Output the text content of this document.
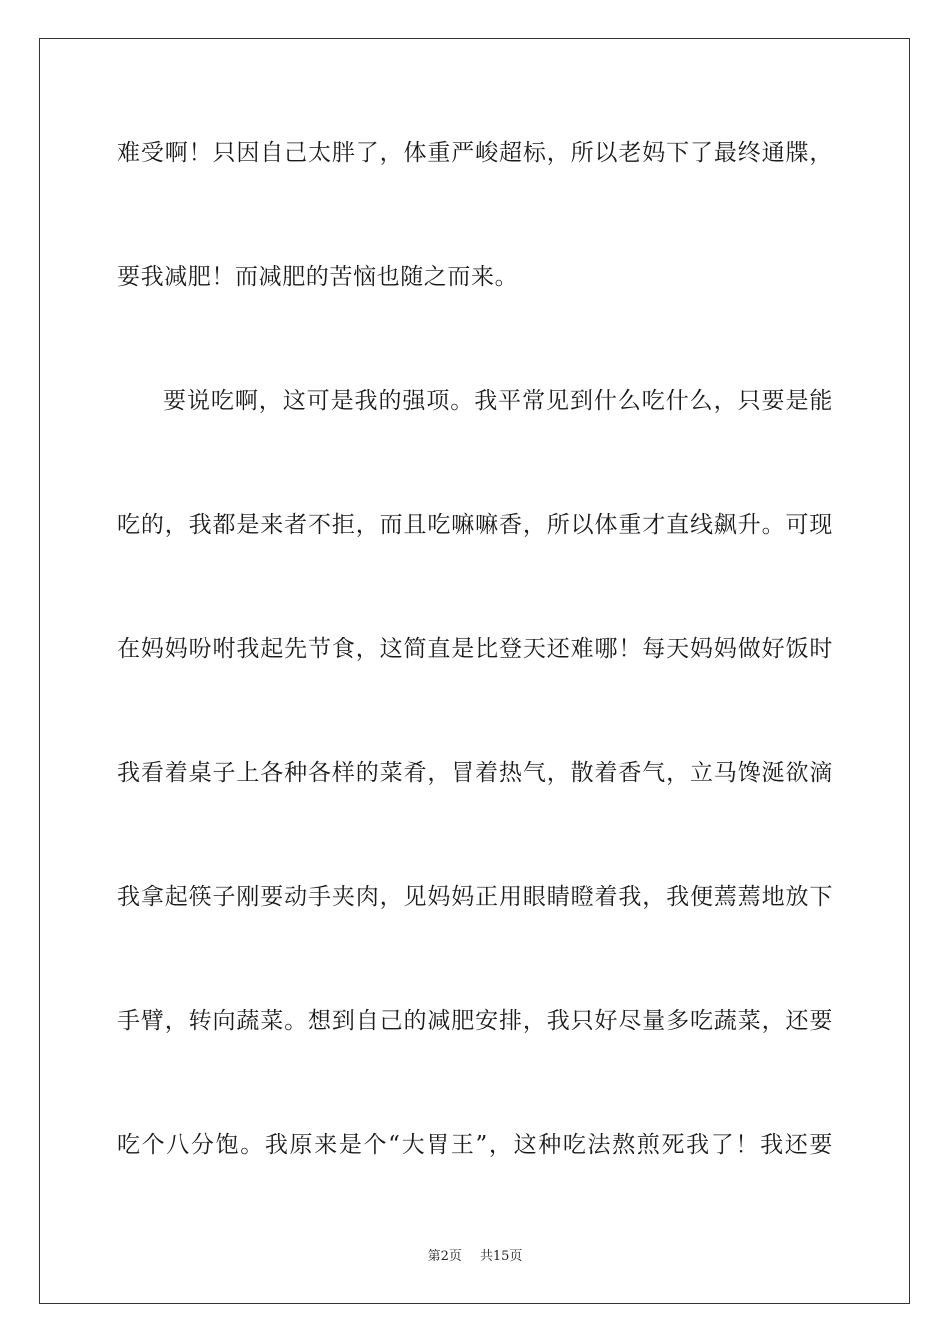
难受啊！只因自己太胖了，体重严峻超标，所以老妈下了最终通牒，
要我减肥！而减肥的苦恼也随之而来。
要说吃啊，这可是我的强项。我平常见到什么吃什么，只要是能
吃的，我都是来者不拒，而且吃嘛嘛香，所以体重才直线飙升。可现
在妈妈吩咐我起先节食，这简直是比登天还难哪！每天妈妈做好饭时
我看着桌子上各种各样的菜肴，冒着热气，散着香气，立马馋涎欲滴
我拿起筷子刚要动手夹肉，见妈妈正用眼睛瞪着我，我便蔫蔫地放下
手臂，转向蔬菜。想到自己的减肥安排，我只好尽量多吃蔬菜，还要
吃个八分饱。我原来是个“大胃王”，这种吃法熬煎死我了！我还要
第2页 共15页
